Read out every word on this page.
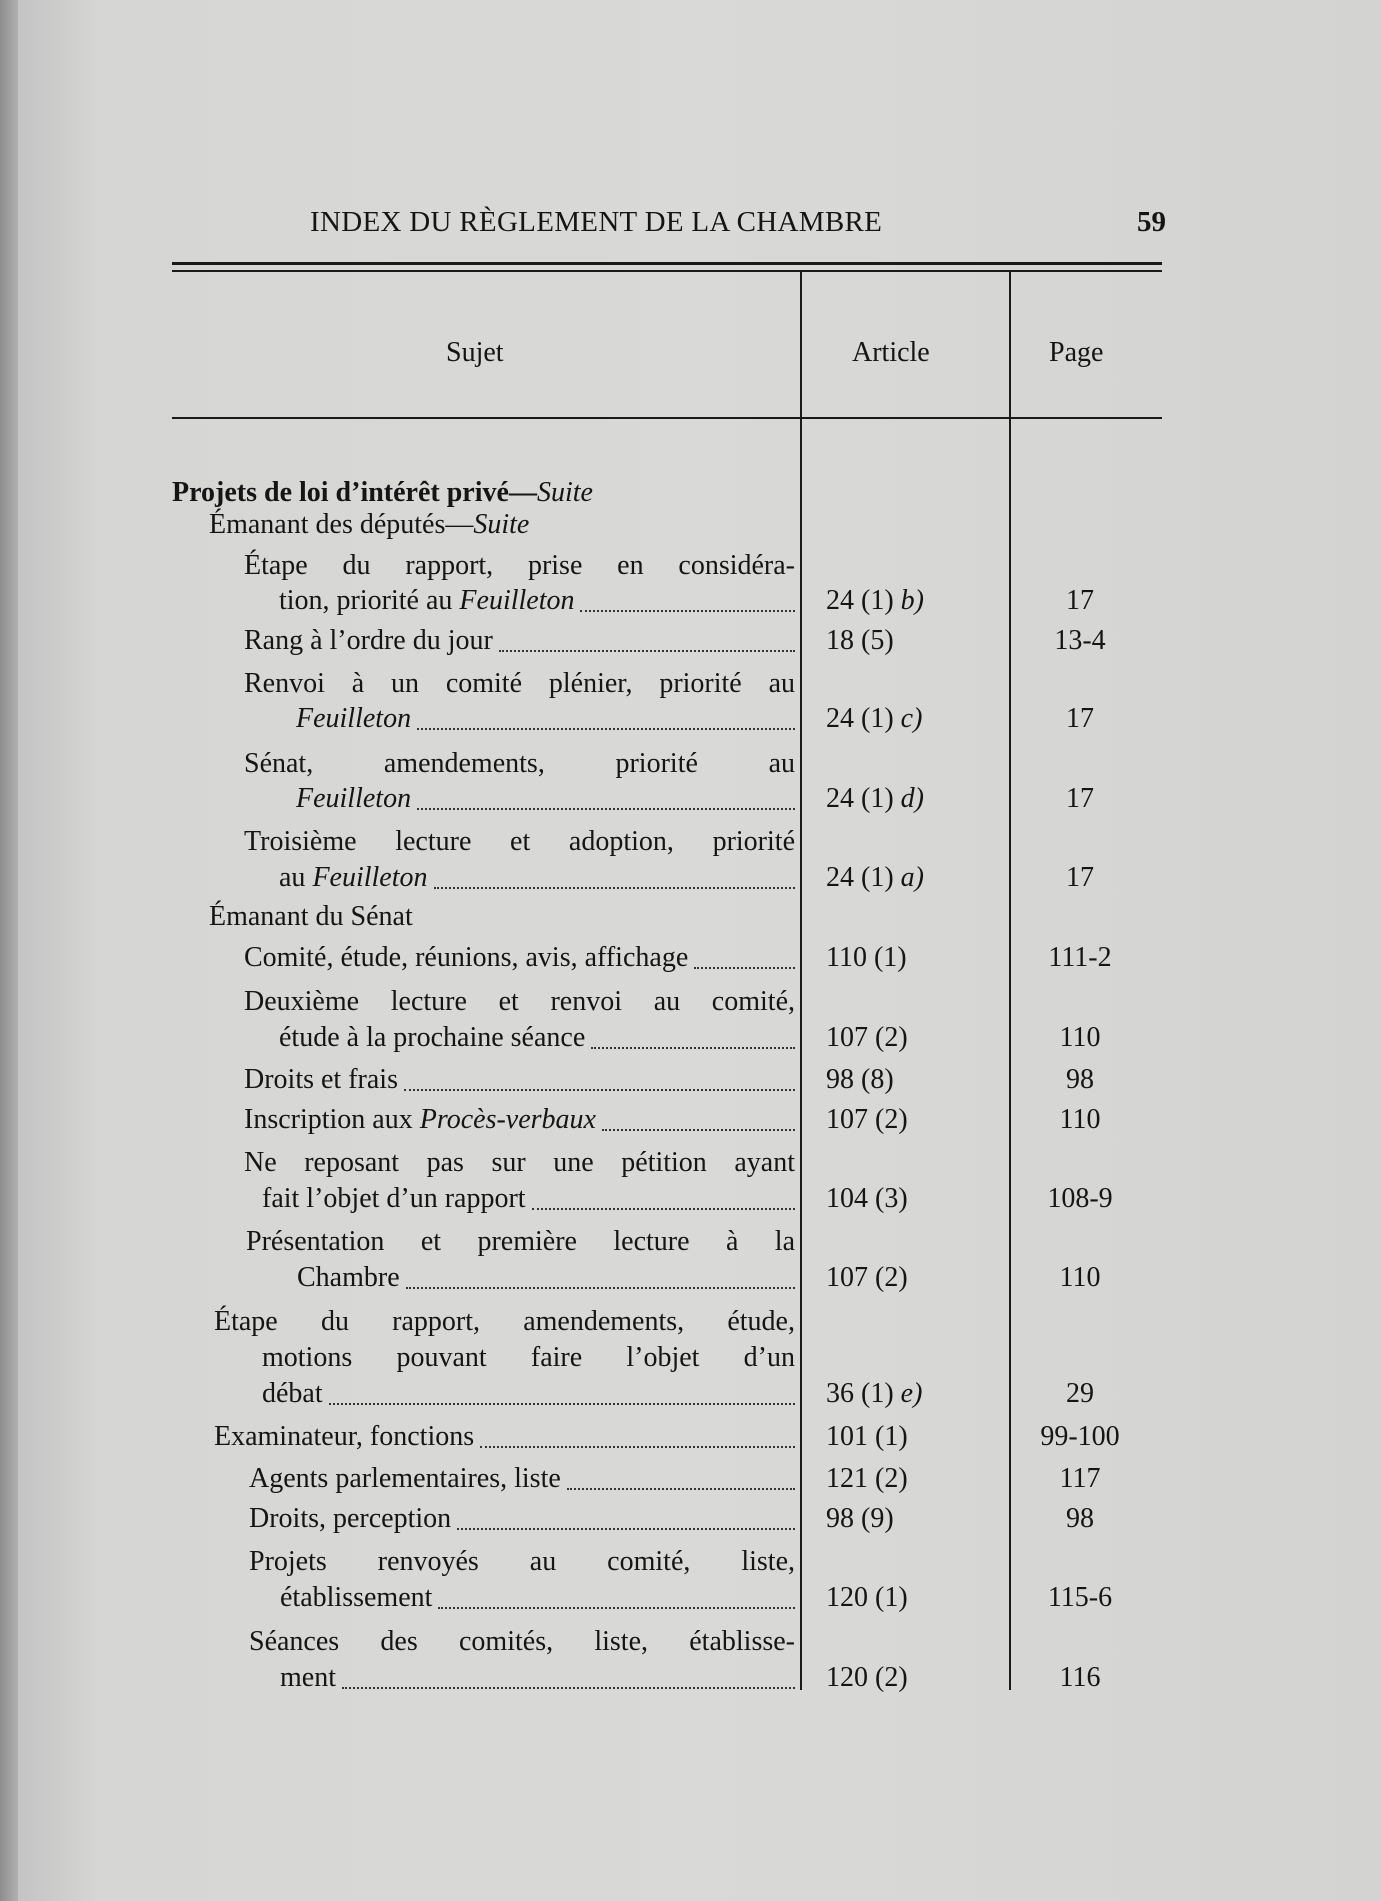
INDEX DU RÈGLEMENT DE LA CHAMBRE	59
Sujet	Article	Page
Projets de loi d’intérêt privé—Suite
Émanant des députés—Suite
Étape du rapport, prise en considéra-
tion, priorité au Feuilleton	24 (1) b)	17
Rang à l’ordre du jour	18 (5)	13-4
Renvoi à un comité plénier, priorité au
Feuilleton	24 (1) c)	17
Sénat, amendements, priorité au
Feuilleton	24 (1) d)	17
Troisième lecture et adoption, priorité
au Feuilleton	24 (1) a)	17
Émanant du Sénat
Comité, étude, réunions, avis, affichage	110 (1)	111-2
Deuxième lecture et renvoi au comité,
étude à la prochaine séance	107 (2)	110
Droits et frais	98 (8)	98
Inscription aux Procès-verbaux	107 (2)	110
Ne reposant pas sur une pétition ayant
fait l’objet d’un rapport	104 (3)	108-9
Présentation et première lecture à la
Chambre	107 (2)	110
Étape du rapport, amendements, étude,
motions pouvant faire l’objet d’un
débat	36 (1) e)	29
Examinateur, fonctions	101 (1)	99-100
Agents parlementaires, liste	121 (2)	117
Droits, perception	98 (9)	98
Projets renvoyés au comité, liste,
établissement	120 (1)	115-6
Séances des comités, liste, établisse-
ment	120 (2)	116
